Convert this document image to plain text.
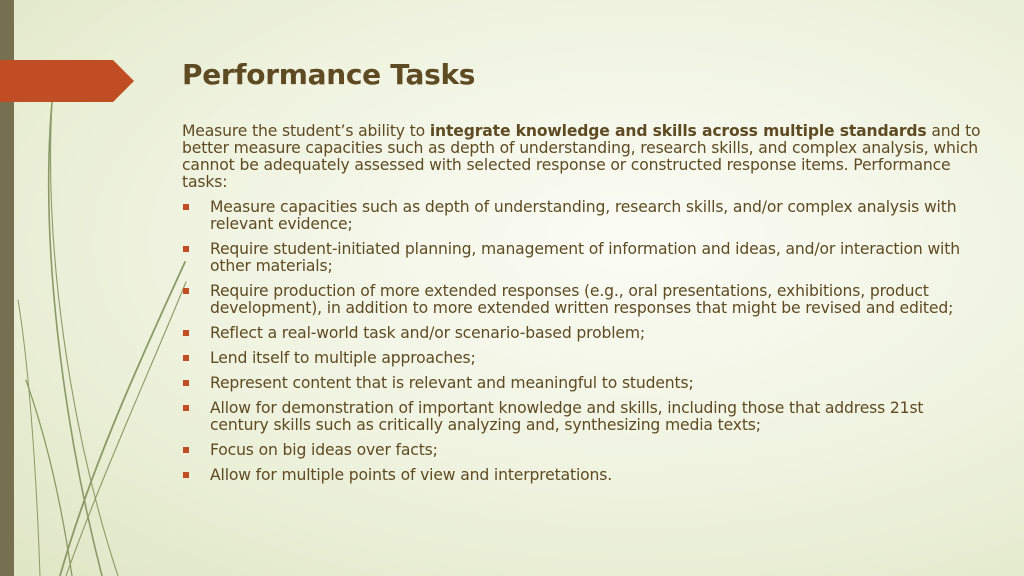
Performance Tasks

Measure the student’s ability to integrate knowledge and skills across multiple standards and to better measure capacities such as depth of understanding, research skills, and complex analysis, which cannot be adequately assessed with selected response or constructed response items. Performance tasks:

Measure capacities such as depth of understanding, research skills, and/or complex analysis with relevant evidence;
Require student-initiated planning, management of information and ideas, and/or interaction with other materials;
Require production of more extended responses (e.g., oral presentations, exhibitions, product development), in addition to more extended written responses that might be revised and edited;
Reflect a real-world task and/or scenario-based problem;
Lend itself to multiple approaches;
Represent content that is relevant and meaningful to students;
Allow for demonstration of important knowledge and skills, including those that address 21st century skills such as critically analyzing and, synthesizing media texts;
Focus on big ideas over facts;
Allow for multiple points of view and interpretations.
